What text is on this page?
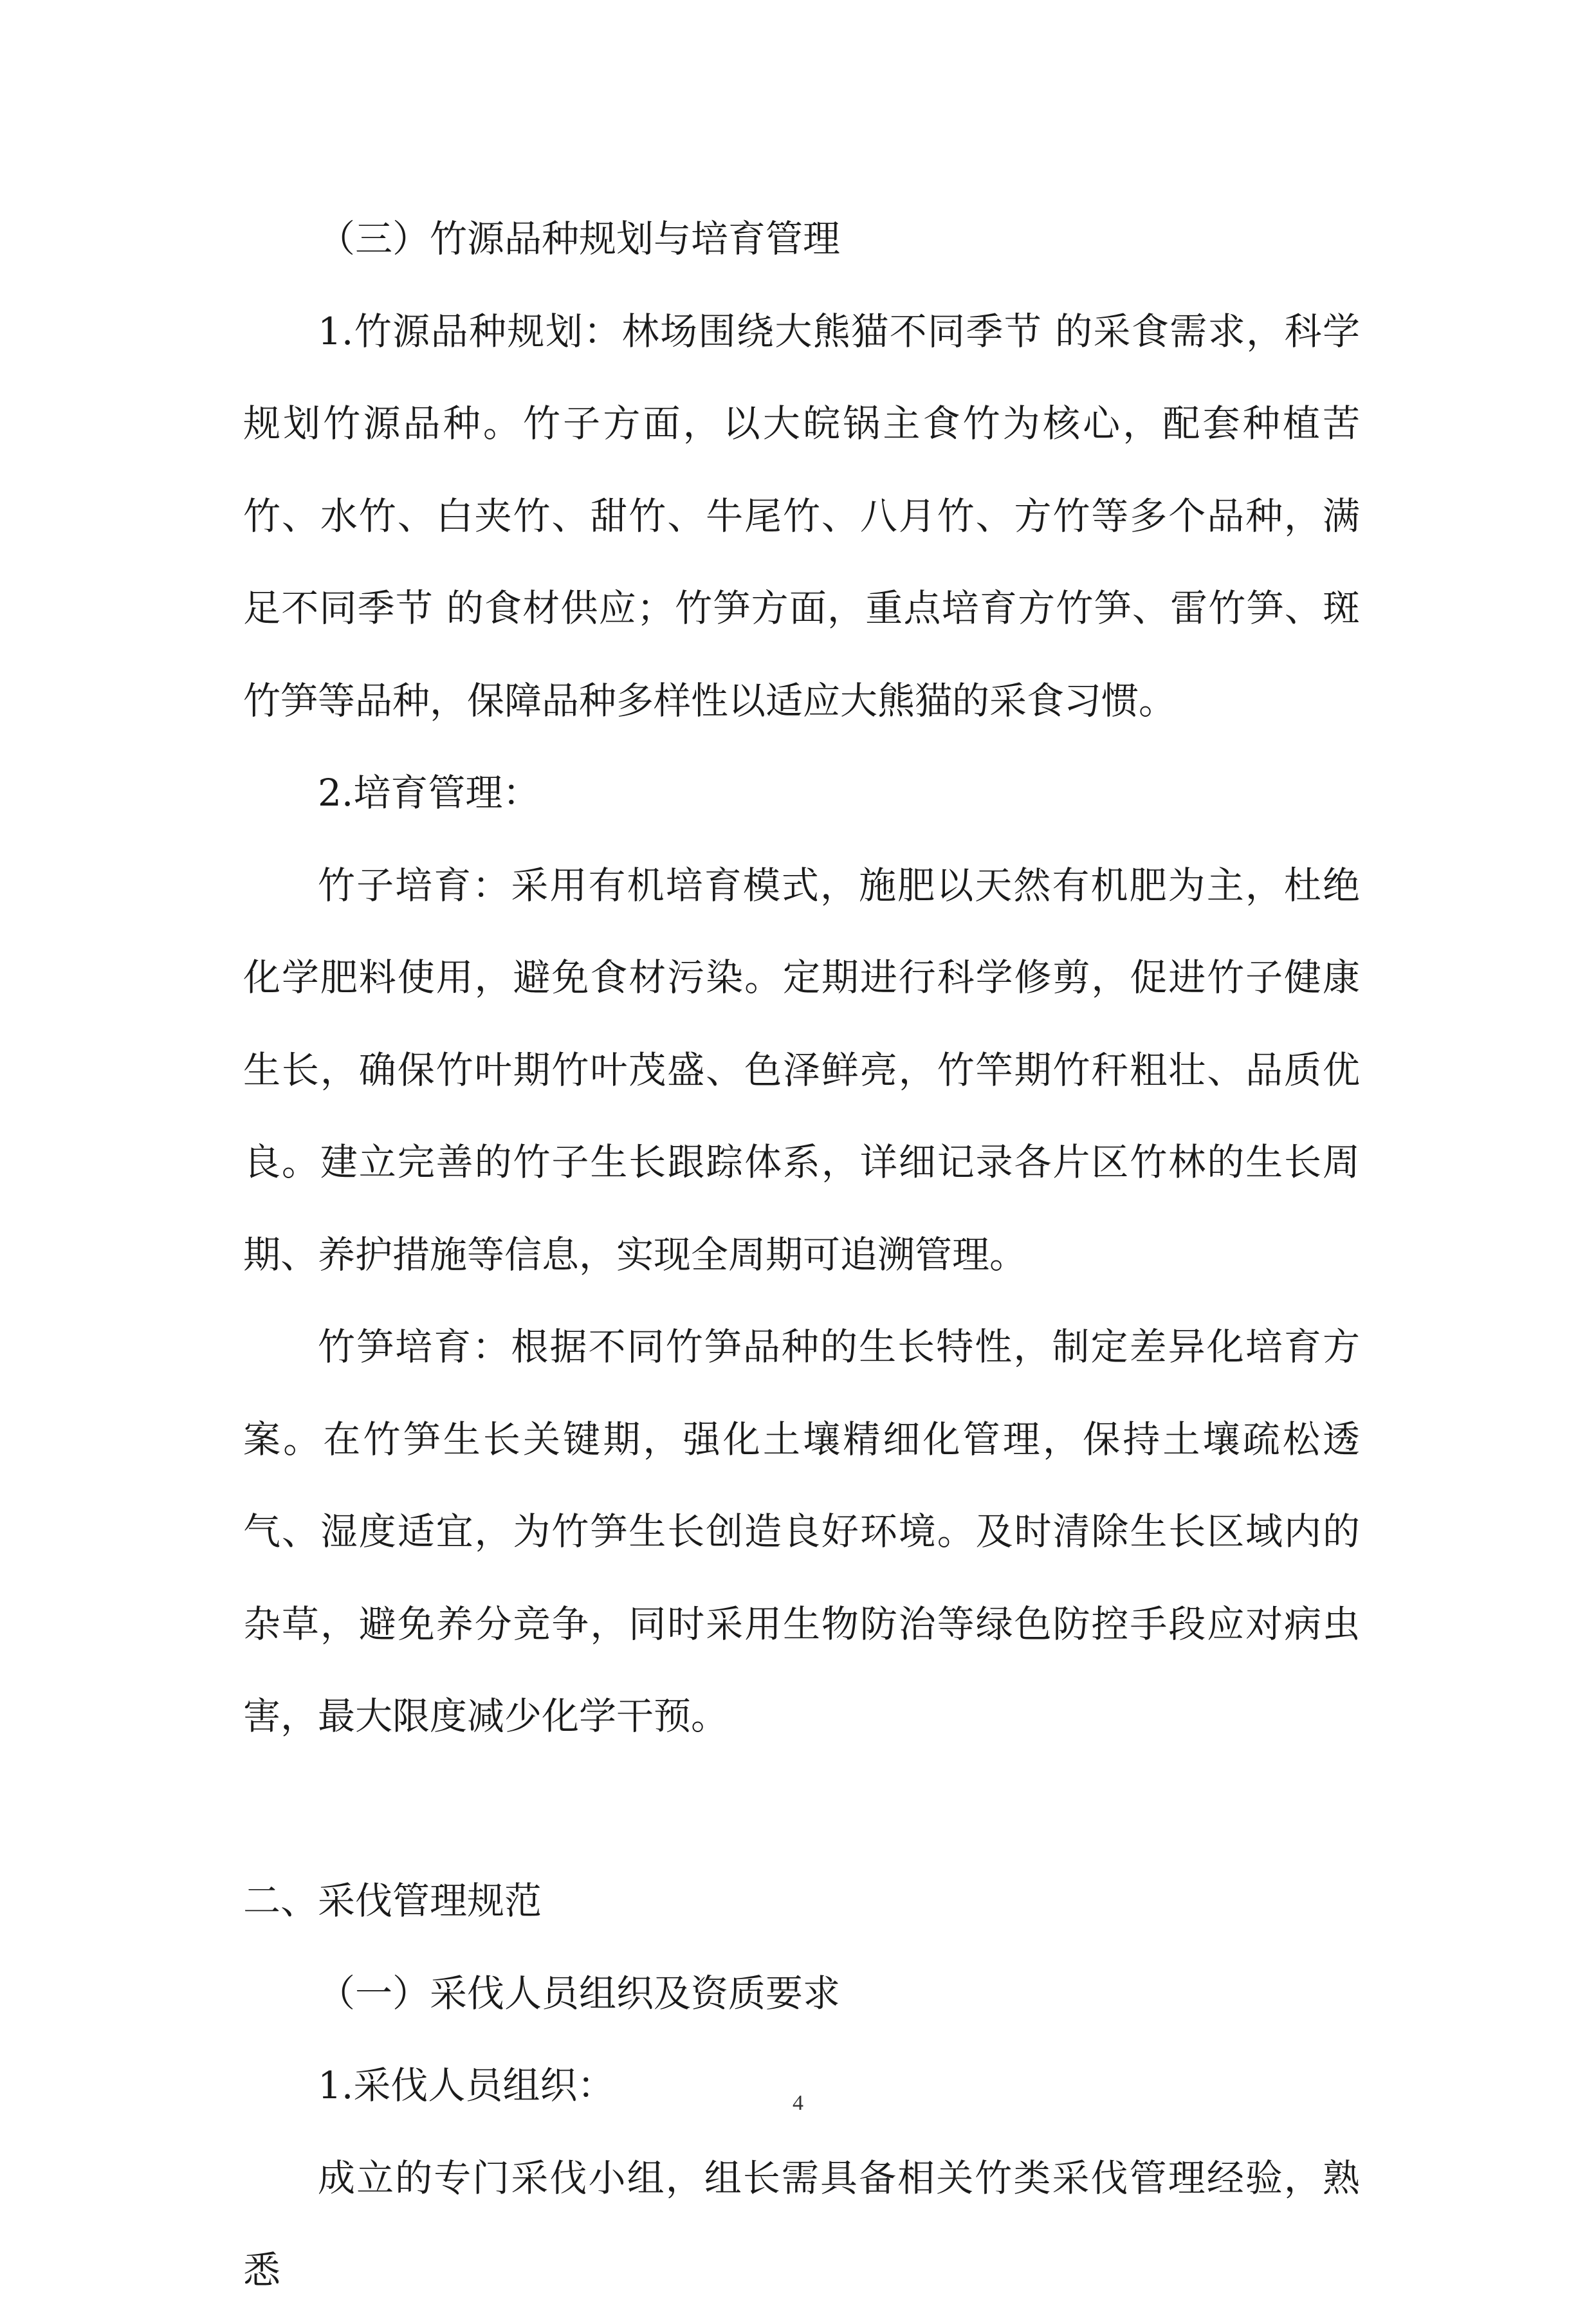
（三）竹源品种规划与培育管理

1.竹源品种规划：林场围绕大熊猫不同季节 的采食需求，科学规划竹源品种。竹子方面，以大皖锅主食竹为核心，配套种植苦竹、水竹、白夹竹、甜竹、牛尾竹、八月竹、方竹等多个品种，满足不同季节 的食材供应；竹笋方面，重点培育方竹笋、雷竹笋、斑竹笋等品种，保障品种多样性以适应大熊猫的采食习惯。

2.培育管理：

竹子培育：采用有机培育模式，施肥以天然有机肥为主，杜绝化学肥料使用，避免食材污染。定期进行科学修剪，促进竹子健康生长，确保竹叶期竹叶茂盛、色泽鲜亮，竹竿期竹秆粗壮、品质优良。建立完善的竹子生长跟踪体系，详细记录各片区竹林的生长周期、养护措施等信息，实现全周期可追溯管理。

竹笋培育：根据不同竹笋品种的生长特性，制定差异化培育方案。在竹笋生长关键期，强化土壤精细化管理，保持土壤疏松透气、湿度适宜，为竹笋生长创造良好环境。及时清除生长区域内的杂草，避免养分竞争，同时采用生物防治等绿色防控手段应对病虫害，最大限度减少化学干预。

二、采伐管理规范

（一）采伐人员组织及资质要求

1.采伐人员组织：

成立的专门采伐小组，组长需具备相关竹类采伐管理经验，熟悉

4
